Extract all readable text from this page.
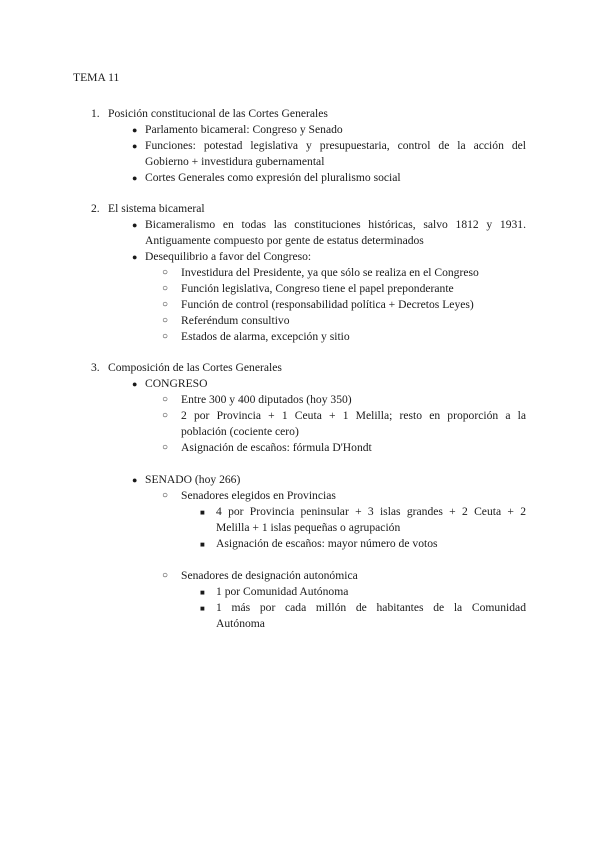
TEMA 11
1. Posición constitucional de las Cortes Generales
● Parlamento bicameral: Congreso y Senado
● Funciones: potestad legislativa y presupuestaria, control de la acción del
Gobierno + investidura gubernamental
● Cortes Generales como expresión del pluralismo social
2. El sistema bicameral
● Bicameralismo en todas las constituciones históricas, salvo 1812 y 1931.
Antiguamente compuesto por gente de estatus determinados
● Desequilibrio a favor del Congreso:
○ Investidura del Presidente, ya que sólo se realiza en el Congreso
○ Función legislativa, Congreso tiene el papel preponderante
○ Función de control (responsabilidad política + Decretos Leyes)
○ Referéndum consultivo
○ Estados de alarma, excepción y sitio
3. Composición de las Cortes Generales
● CONGRESO
○ Entre 300 y 400 diputados (hoy 350)
○ 2 por Provincia + 1 Ceuta + 1 Melilla; resto en proporción a la
población (cociente cero)
○ Asignación de escaños: fórmula D'Hondt
● SENADO (hoy 266)
○ Senadores elegidos en Provincias
■ 4 por Provincia peninsular + 3 islas grandes + 2 Ceuta + 2
Melilla + 1 islas pequeñas o agrupación
■ Asignación de escaños: mayor número de votos
○ Senadores de designación autonómica
■ 1 por Comunidad Autónoma
■ 1 más por cada millón de habitantes de la Comunidad
Autónoma
